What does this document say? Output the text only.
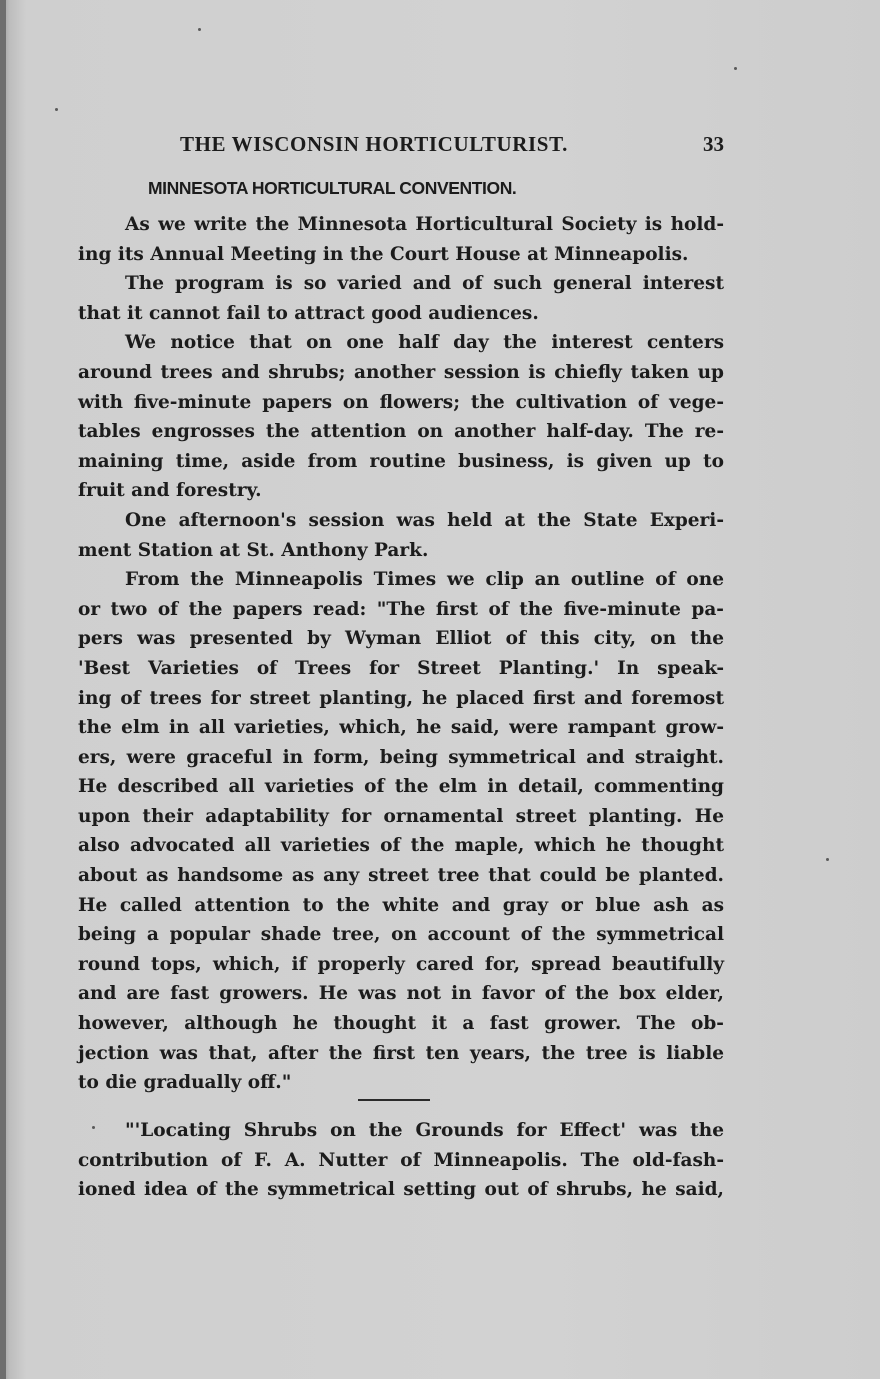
THE WISCONSIN HORTICULTURIST.	33
MINNESOTA HORTICULTURAL CONVENTION.
As we write the Minnesota Horticultural Society is hold-
ing its Annual Meeting in the Court House at Minneapolis.
The program is so varied and of such general interest
that it cannot fail to attract good audiences.
We notice that on one half day the interest centers
around trees and shrubs; another session is chiefly taken up
with five-minute papers on flowers; the cultivation of vege-
tables engrosses the attention on another half-day. The re-
maining time, aside from routine business, is given up to
fruit and forestry.
One afternoon's session was held at the State Experi-
ment Station at St. Anthony Park.
From the Minneapolis Times we clip an outline of one
or two of the papers read: "The first of the five-minute pa-
pers was presented by Wyman Elliot of this city, on the
'Best Varieties of Trees for Street Planting.' In speak-
ing of trees for street planting, he placed first and foremost
the elm in all varieties, which, he said, were rampant grow-
ers, were graceful in form, being symmetrical and straight.
He described all varieties of the elm in detail, commenting
upon their adaptability for ornamental street planting. He
also advocated all varieties of the maple, which he thought
about as handsome as any street tree that could be planted.
He called attention to the white and gray or blue ash as
being a popular shade tree, on account of the symmetrical
round tops, which, if properly cared for, spread beautifully
and are fast growers. He was not in favor of the box elder,
however, although he thought it a fast grower. The ob-
jection was that, after the first ten years, the tree is liable
to die gradually off."
"'Locating Shrubs on the Grounds for Effect' was the
contribution of F. A. Nutter of Minneapolis. The old-fash-
ioned idea of the symmetrical setting out of shrubs, he said,
